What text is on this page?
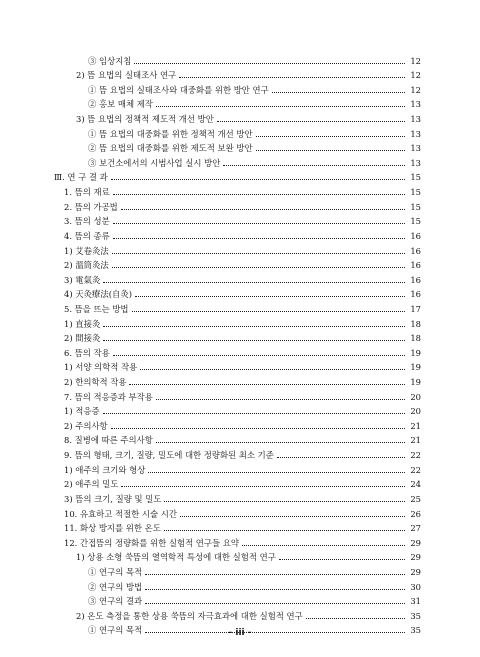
③ 임상지침	12
2) 뜸 요법의 실태조사 연구	12
① 뜸 요법의 실태조사와 대중화를 위한 방안 연구	12
② 홍보 매체 제작	13
3) 뜸 요법의 정책적 제도적 개선 방안	13
① 뜸 요법의 대중화를 위한 정책적 개선 방안	13
② 뜸 요법의 대중화를 위한 제도적 보완 방안	13
③ 보건소에서의 시범사업 실시 방안	13
Ⅲ. 연 구 결 과	15
1. 뜸의 재료	15
2. 뜸의 가공법	15
3. 뜸의 성분	15
4. 뜸의 종류	16
1) 艾卷灸法	16
2) 溫筒灸法	16
3) 電氣灸	16
4) 天灸療法(自灸)	16
5. 뜸을 뜨는 방법	17
1) 直接灸	18
2) 間接灸	18
6. 뜸의 작용	19
1) 서양 의학적 작용	19
2) 한의학적 작용	19
7. 뜸의 적응증과 부작용	20
1) 적응증	20
2) 주의사항	21
8. 질병에 따른 주의사항	21
9. 뜸의 형태, 크기, 질량, 밀도에 대한 정량화된 최소 기준	22
1) 애주의 크기와 형상	22
2) 애주의 밀도	24
3) 뜸의 크기, 질량 및 밀도	25
10. 유효하고 적절한 시술 시간	26
11. 화상 방지를 위한 온도	27
12. 간접뜸의 정량화를 위한 실험적 연구들 요약	29
1) 상용 소형 쑥뜸의 열역학적 특성에 대한 실험적 연구	29
① 연구의 목적	29
② 연구의 방법	30
③ 연구의 결과	31
2) 온도 측정을 통한 상용 쑥뜸의 자극효과에 대한 실험적 연구	35
① 연구의 목적	35
- iii -
